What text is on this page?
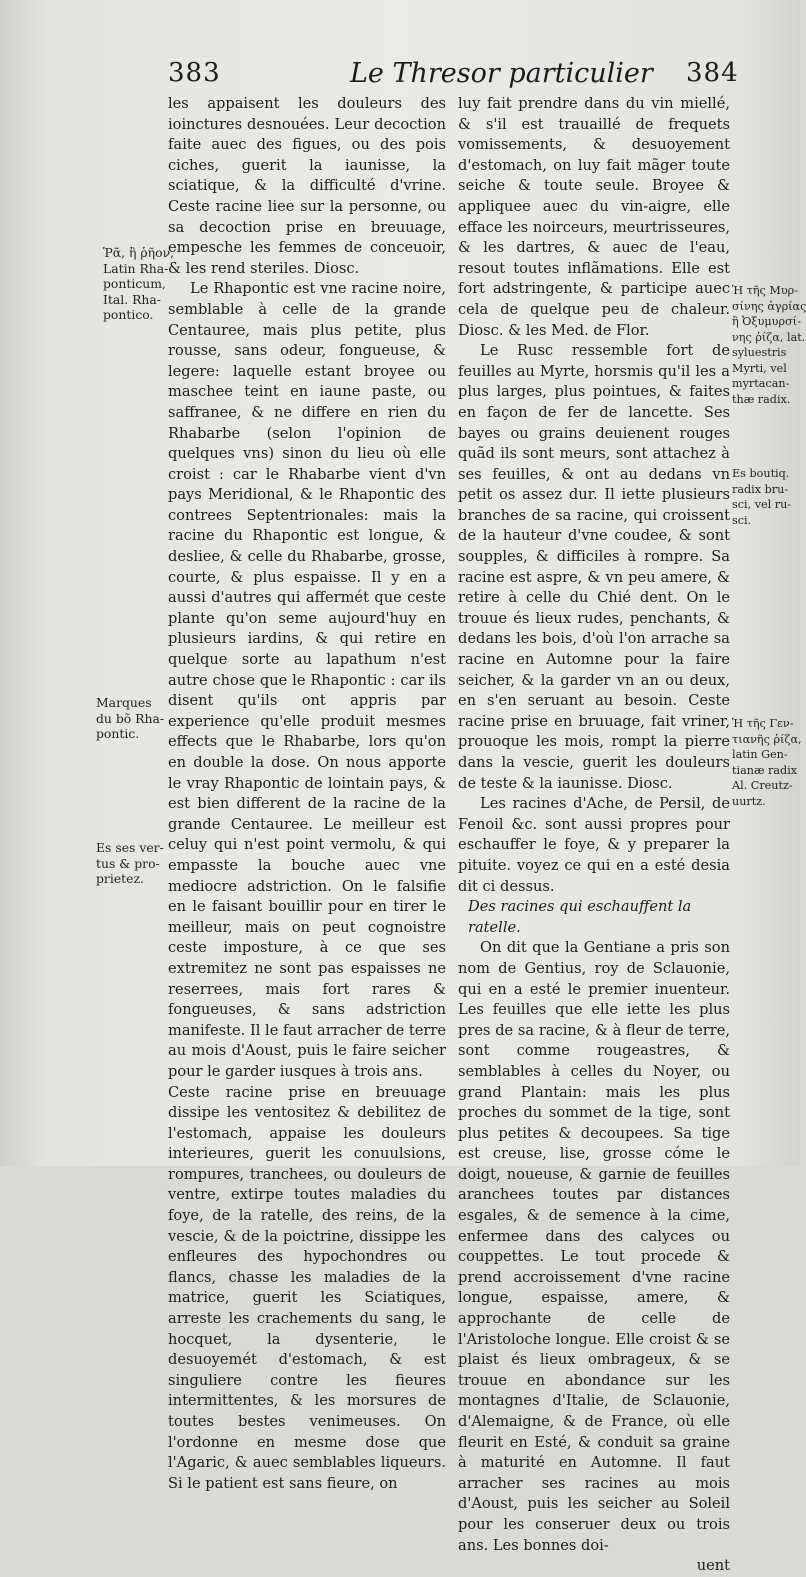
383	Le Thresor particulier 384

les appaisent les douleurs des ioinctures desnouées. Leur decoction faite auec des figues, ou des pois ciches, guerit la iaunisse, la sciatique, & la difficulté d'vrine. Ceste racine liee sur la personne, ou sa decoction prise en breuuage, empesche les femmes de conceuoir, & les rend steriles. Diosc.

Le Rhapontic est vne racine noire, semblable à celle de la grande Centauree, mais plus petite, plus rousse, sans odeur, fongueuse, & legere: laquelle estant broyee ou maschee teint en iaune paste, ou saffranee, & ne differe en rien du Rhabarbe (selon l'opinion de quelques vns) sinon du lieu où elle croist : car le Rhabarbe vient d'vn pays Meridional, & le Rhapontic des contrees Septentrionales: mais la racine du Rhapontic est longue, & desliee, & celle du Rhabarbe, grosse, courte, & plus espaisse. Il y en a aussi d'autres qui affermét que ceste plante qu'on seme aujourd'huy en plusieurs iardins, & qui retire en quelque sorte au lapathum n'est autre chose que le Rhapontic : car ils disent qu'ils ont appris par experience qu'elle produit mesmes effects que le Rhabarbe, lors qu'on en double la dose. On nous apporte le vray Rhapontic de lointain pays, & est bien different de la racine de la grande Centauree. Le meilleur est celuy qui n'est point vermolu, & qui empasste la bouche auec vne mediocre adstriction. On le falsifie en le faisant bouillir pour en tirer le meilleur, mais on peut cognoistre ceste imposture, à ce que ses extremitez ne sont pas espaisses ne reserrees, mais fort rares & fongueuses, & sans adstriction manifeste. Il le faut arracher de terre au mois d'Aoust, puis le faire seicher pour le garder iusques à trois ans.

Ceste racine prise en breuuage dissipe les ventositez & debilitez de l'estomach, appaise les douleurs interieures, guerit les conuulsions, rompures, tranchees, ou douleurs de ventre, extirpe toutes maladies du foye, de la ratelle, des reins, de la vescie, & de la poictrine, dissippe les enfleures des hypochondres ou flancs, chasse les maladies de la matrice, guerit les Sciatiques, arreste les crachements du sang, le hocquet, la dysenterie, le desuoyemét d'estomach, & est singuliere contre les fieures intermittentes, & les morsures de toutes bestes venimeuses. On l'ordonne en mesme dose que l'Agaric, & auec semblables liqueurs. Si le patient est sans fieure, on

luy fait prendre dans du vin miellé, & s'il est trauaillé de frequets vomissements, & desuoyement d'estomach, on luy fait mãger toute seiche & toute seule. Broyee & appliquee auec du vin-aigre, elle efface les noirceurs, meurtrisseures, & les dartres, & auec de l'eau, resout toutes inflãmations. Elle est fort adstringente, & participe auec cela de quelque peu de chaleur. Diosc. & les Med. de Flor.

Le Rusc ressemble fort de feuilles au Myrte, horsmis qu'il les a plus larges, plus pointues, & faites en façon de fer de lancette. Ses bayes ou grains deuienent rouges quãd ils sont meurs, sont attachez à ses feuilles, & ont au dedans vn petit os assez dur. Il iette plusieurs branches de sa racine, qui croissent de la hauteur d'vne coudee, & sont soupples, & difficiles à rompre. Sa racine est aspre, & vn peu amere, & retire à celle du Chié dent. On le trouue és lieux rudes, penchants, & dedans les bois, d'où l'on arrache sa racine en Automne pour la faire seicher, & la garder vn an ou deux, en s'en seruant au besoin. Ceste racine prise en bruuage, fait vriner, prouoque les mois, rompt la pierre dans la vescie, guerit les douleurs de teste & la iaunisse. Diosc.

Les racines d'Ache, de Persil, de Fenoil &c. sont aussi propres pour eschauffer le foye, & y preparer la pituite. voyez ce qui en a esté desia dit ci dessus.

Des racines qui eschauffent la ratelle.

On dit que la Gentiane a pris son nom de Gentius, roy de Sclauonie, qui en a esté le premier inuenteur. Les feuilles que elle iette les plus pres de sa racine, & à fleur de terre, sont comme rougeastres, & semblables à celles du Noyer, ou grand Plantain: mais les plus proches du sommet de la tige, sont plus petites & decoupees. Sa tige est creuse, lise, grosse cóme le doigt, noueuse, & garnie de feuilles aranchees toutes par distances esgales, & de semence à la cime, enfermee dans des calyces ou couppettes. Le tout procede & prend accroissement d'vne racine longue, espaisse, amere, & approchante de celle de l'Aristoloche longue. Elle croist & se plaist és lieux ombrageux, & se trouue en abondance sur les montagnes d'Italie, de Sclauonie, d'Alemaigne, & de France, où elle fleurit en Esté, & conduit sa graine à maturité en Automne. Il faut arracher ses racines au mois d'Aoust, puis les seicher au Soleil pour les conseruer deux ou trois ans. Les bonnes doi-

uent

Ῥᾶ, ἢ ῥῆον,
Latin Rha-
ponticum,
Ital. Rha-
pontico.
Marques
du bõ Rha-
pontic.
Es ses ver-
tus & pro-
prietez.
Ἡ τῆς Μυρ-
σίνης ἀγρίας
ἢ Ὀξυμυρσί-
νης ῥίζα, lat.
syluestris
Myrti, vel
myrtacan-
thæ radix.
Es boutiq.
radix bru-
sci, vel ru-
sci.
Ἡ τῆς Γεν-
τιανῆς ῥίζα,
latin Gen-
tianæ radix
Al. Creutz-
uurtz.
